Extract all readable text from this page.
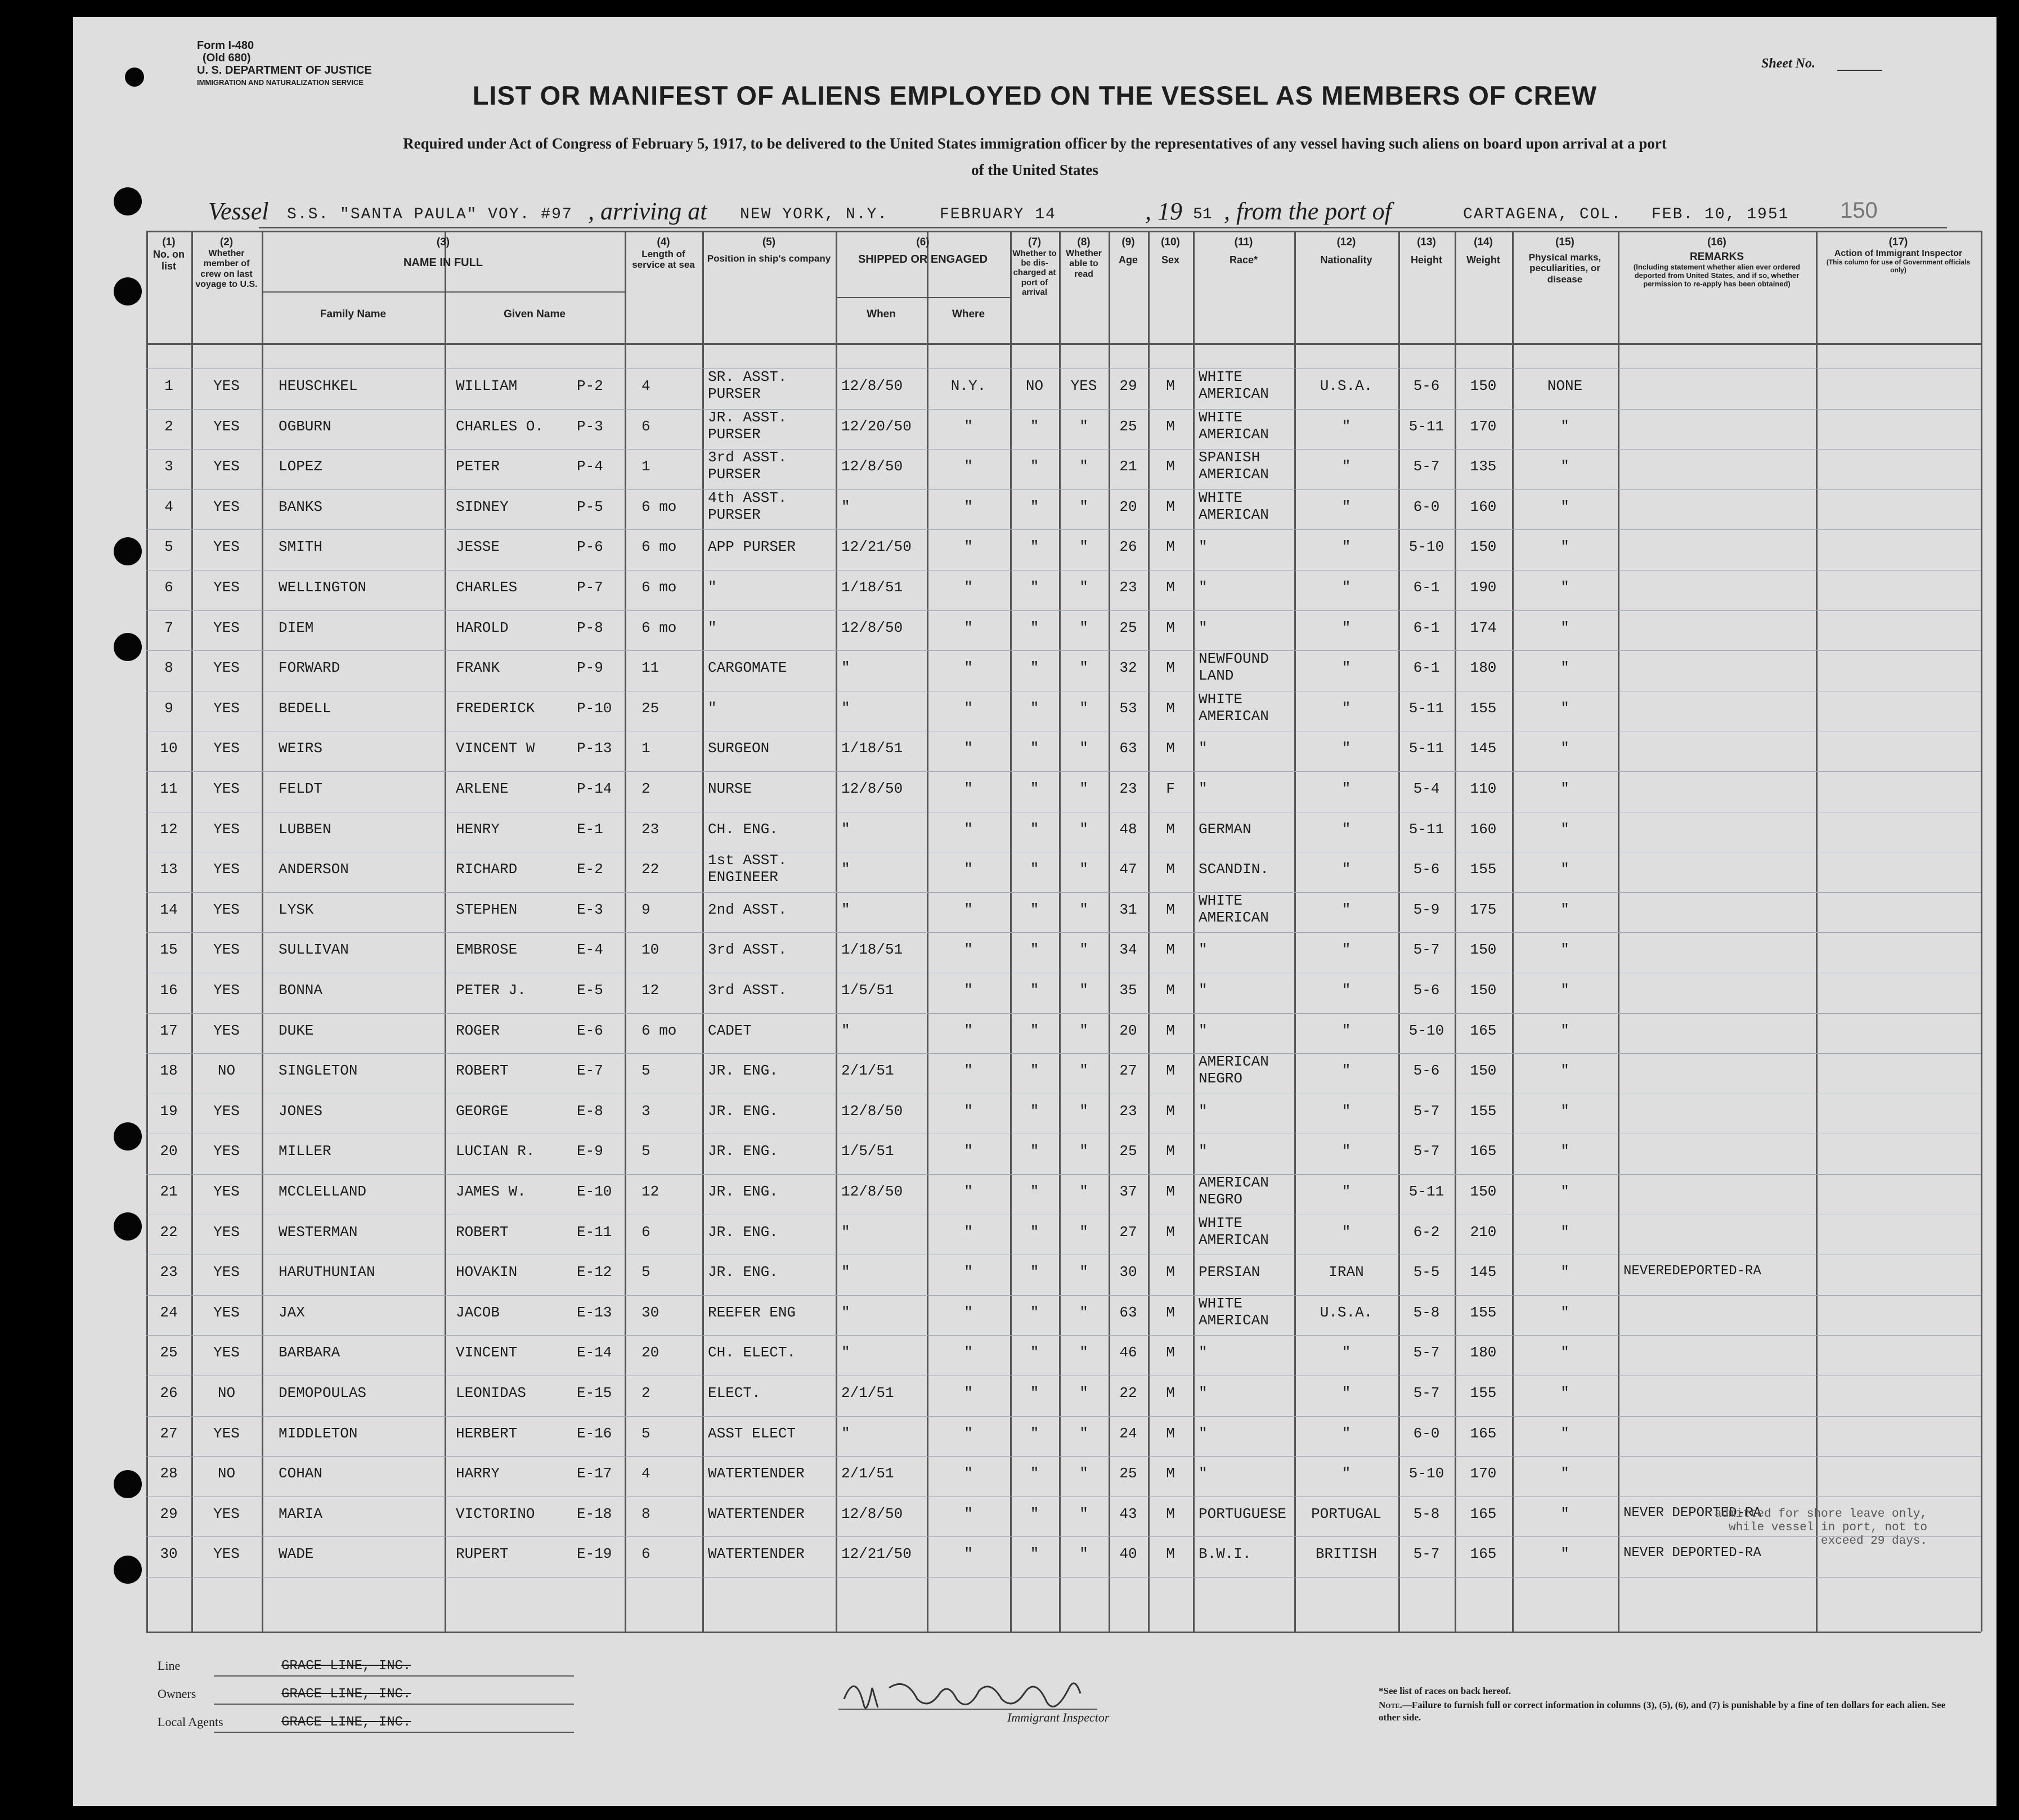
Form I-480
(Old 680)
U. S. DEPARTMENT OF JUSTICE
IMMIGRATION AND NATURALIZATION SERVICE
Sheet No.
LIST OR MANIFEST OF ALIENS EMPLOYED ON THE VESSEL AS MEMBERS OF CREW
Required under Act of Congress of February 5, 1917, to be delivered to the United States immigration officer by the representatives of any vessel having such aliens on board upon arrival at a port
of the United States
Vessel S.S. "SANTA PAULA" VOY. #97 , arriving at NEW YORK, N.Y.	FEBRUARY 14	, 19 51 , from the port of	CARTAGENA, COL. FEB. 10, 1951 150
(1)
No. on list
(2)
Whether member of crew on last voyage to U.S.
(3)
NAME IN FULL
Family Name	Given Name
(4)
Length of service at sea
(5)
Position in ship's company
(6)
SHIPPED OR ENGAGED
When	Where
(7)
Whether to be dis-charged at port of arrival
(8)
Whether able to read
(9)
Age
(10)
Sex
(11)
Race*
(12)
Nationality
(13)
Height
(14)
Weight
(15)
Physical marks, peculiarities, or disease
(16)
REMARKS
(Including statement whether alien ever ordered deported from United States, and if so, whether permission to re-apply has been obtained)
(17)
Action of Immigrant Inspector
(This column for use of Government officials only)
1	YES	HEUSCHKEL	WILLIAM	P-2	4
SR. ASST. PURSER	12/8/50	N.Y.	NO	YES	29	M
WHITE AMERICAN	U.S.A.	5-6	150	NONE
2	YES	OGBURN	CHARLES O.	P-3	6
JR. ASST. PURSER	12/20/50	"	"	"	25	M
WHITE AMERICAN	"	5-11	170	"
3	YES	LOPEZ	PETER	P-4	1
3rd ASST. PURSER	12/8/50	"	"	"	21	M
SPANISH AMERICAN	"	5-7	135	"
4	YES	BANKS	SIDNEY	P-5	6 mo
4th ASST. PURSER	"	"	"	"	20	M
WHITE AMERICAN	"	6-0	160	"
5	YES	SMITH	JESSE	P-6	6 mo	APP PURSER	12/21/50	"	"	"	26	M	"	"	5-10	150	"
6	YES	WELLINGTON	CHARLES	P-7	6 mo	"	1/18/51	"	"	"	23	M	"	"	6-1	190	"
7	YES	DIEM	HAROLD	P-8	6 mo	"	12/8/50	"	"	"	25	M	"	"	6-1	174	"
8	YES	FORWARD	FRANK	P-9	11	CARGOMATE	"	"	"	"	32	M
NEWFOUND LAND	"	6-1	180	"
9	YES	BEDELL	FREDERICK	P-10	25	"	"	"	"	"	53	M
WHITE AMERICAN	"	5-11	155	"
10	YES	WEIRS	VINCENT W	P-13	1	SURGEON	1/18/51	"	"	"	63	M	"	"	5-11	145	"
11	YES	FELDT	ARLENE	P-14	2	NURSE	12/8/50	"	"	"	23	F	"	"	5-4	110	"
12	YES	LUBBEN	HENRY	E-1	23	CH. ENG.	"	"	"	"	48	M	GERMAN	"	5-11	160	"
13	YES	ANDERSON	RICHARD	E-2	22
1st ASST. ENGINEER	"	"	"	"	47	M	SCANDIN.	"	5-6	155	"
14	YES	LYSK	STEPHEN	E-3	9	2nd ASST.	"	"	"	"	31	M
WHITE AMERICAN	"	5-9	175	"
15	YES	SULLIVAN	EMBROSE	E-4	10	3rd ASST.	1/18/51	"	"	"	34	M	"	"	5-7	150	"
16	YES	BONNA	PETER J.	E-5	12	3rd ASST.	1/5/51	"	"	"	35	M	"	"	5-6	150	"
17	YES	DUKE	ROGER	E-6	6 mo	CADET	"	"	"	"	20	M	"	"	5-10	165	"
18	NO	SINGLETON	ROBERT	E-7	5	JR. ENG.	2/1/51	"	"	"	27	M
AMERICAN NEGRO	"	5-6	150	"
19	YES	JONES	GEORGE	E-8	3	JR. ENG.	12/8/50	"	"	"	23	M	"	"	5-7	155	"
20	YES	MILLER	LUCIAN R.	E-9	5	JR. ENG.	1/5/51	"	"	"	25	M	"	"	5-7	165	"
21	YES	MCCLELLAND	JAMES W.	E-10	12	JR. ENG.	12/8/50	"	"	"	37	M
AMERICAN NEGRO	"	5-11	150	"
22	YES	WESTERMAN	ROBERT	E-11	6	JR. ENG.	"	"	"	"	27	M
WHITE AMERICAN	"	6-2	210	"
23	YES	HARUTHUNIAN	HOVAKIN	E-12	5	JR. ENG.	"	"	"	"	30	M	PERSIAN	IRAN	5-5	145	"	NEVEREDEPORTED-RA
24	YES	JAX	JACOB	E-13	30	REEFER ENG	"	"	"	"	63	M
WHITE AMERICAN	U.S.A.	5-8	155	"
25	YES	BARBARA	VINCENT	E-14	20	CH. ELECT.	"	"	"	"	46	M	"	"	5-7	180	"
26	NO	DEMOPOULAS	LEONIDAS	E-15	2	ELECT.	2/1/51	"	"	"	22	M	"	"	5-7	155	"
27	YES	MIDDLETON	HERBERT	E-16	5	ASST ELECT	"	"	"	"	24	M	"	"	6-0	165	"
28	NO	COHAN	HARRY	E-17	4	WATERTENDER	2/1/51	"	"	"	25	M	"	"	5-10	170	"
29	YES	MARIA	VICTORINO	E-18	8	WATERTENDER	12/8/50	"	"	"	43	M	PORTUGUESE	PORTUGAL	5-8	165	"	NEVER DEPORTED-RA
30	YES	WADE	RUPERT	E-19	6	WATERTENDER	12/21/50	"	"	"	40	M	B.W.I.	BRITISH	5-7	165	"	NEVER DEPORTED-RA
admitted for shore leave only, while vessel in port, not to exceed 29 days.
Line	GRACE LINE, INC.
Owners	GRACE LINE, INC.
Local Agents	GRACE LINE, INC.	Immigrant Inspector
*See list of races on back hereof.
Note.—Failure to furnish full or correct information in columns (3), (5), (6), and (7) is punishable by a fine of ten dollars for each alien. See other side.
